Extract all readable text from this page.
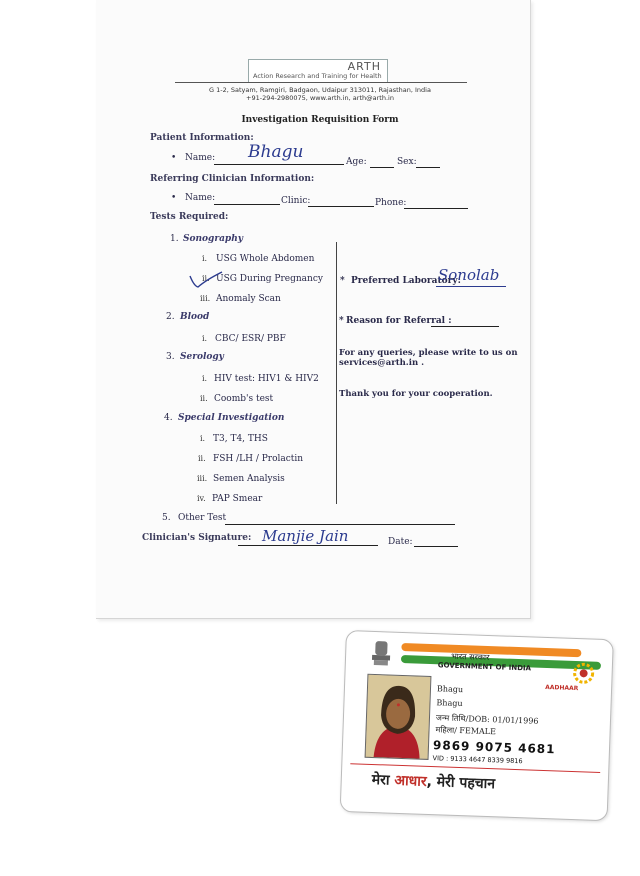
ARTH
Action Research and Training for Health
G 1-2, Satyam, Ramgiri, Badgaon, Udaipur 313011, Rajasthan, India
+91-294-2980075, www.arth.in, arth@arth.in
Investigation Requisition Form
Patient Information:
• Name: Bhagu	Age:	Sex:
Referring Clinician Information:
• Name:	Clinic:	Phone:
Tests Required:
1. Sonography
i. USG Whole Abdomen
ii. USG During Pregnancy
iii. Anomaly Scan
2. Blood
i. CBC/ ESR/ PBF
3. Serology
i. HIV test: HIV1 & HIV2
ii. Coomb's test
4. Special Investigation
i. T3, T4, THS
ii. FSH /LH / Prolactin
iii. Semen Analysis
iv. PAP Smear
5. Other Test
* Preferred Laboratory:
Sonolab
* Reason for Referral :
For any queries, please write to us on
services@arth.in .
Thank you for your cooperation.
Clinician's Signature: Manjie Jain	Date:
भारत सरकार
GOVERNMENT OF INDIA
AADHAAR
Bhagu
Bhagu
जन्म तिथि/DOB: 01/01/1996
महिला/ FEMALE
9869 9075 4681
VID : 9133 4647 8339 9816
मेरा आधार, मेरी पहचान
